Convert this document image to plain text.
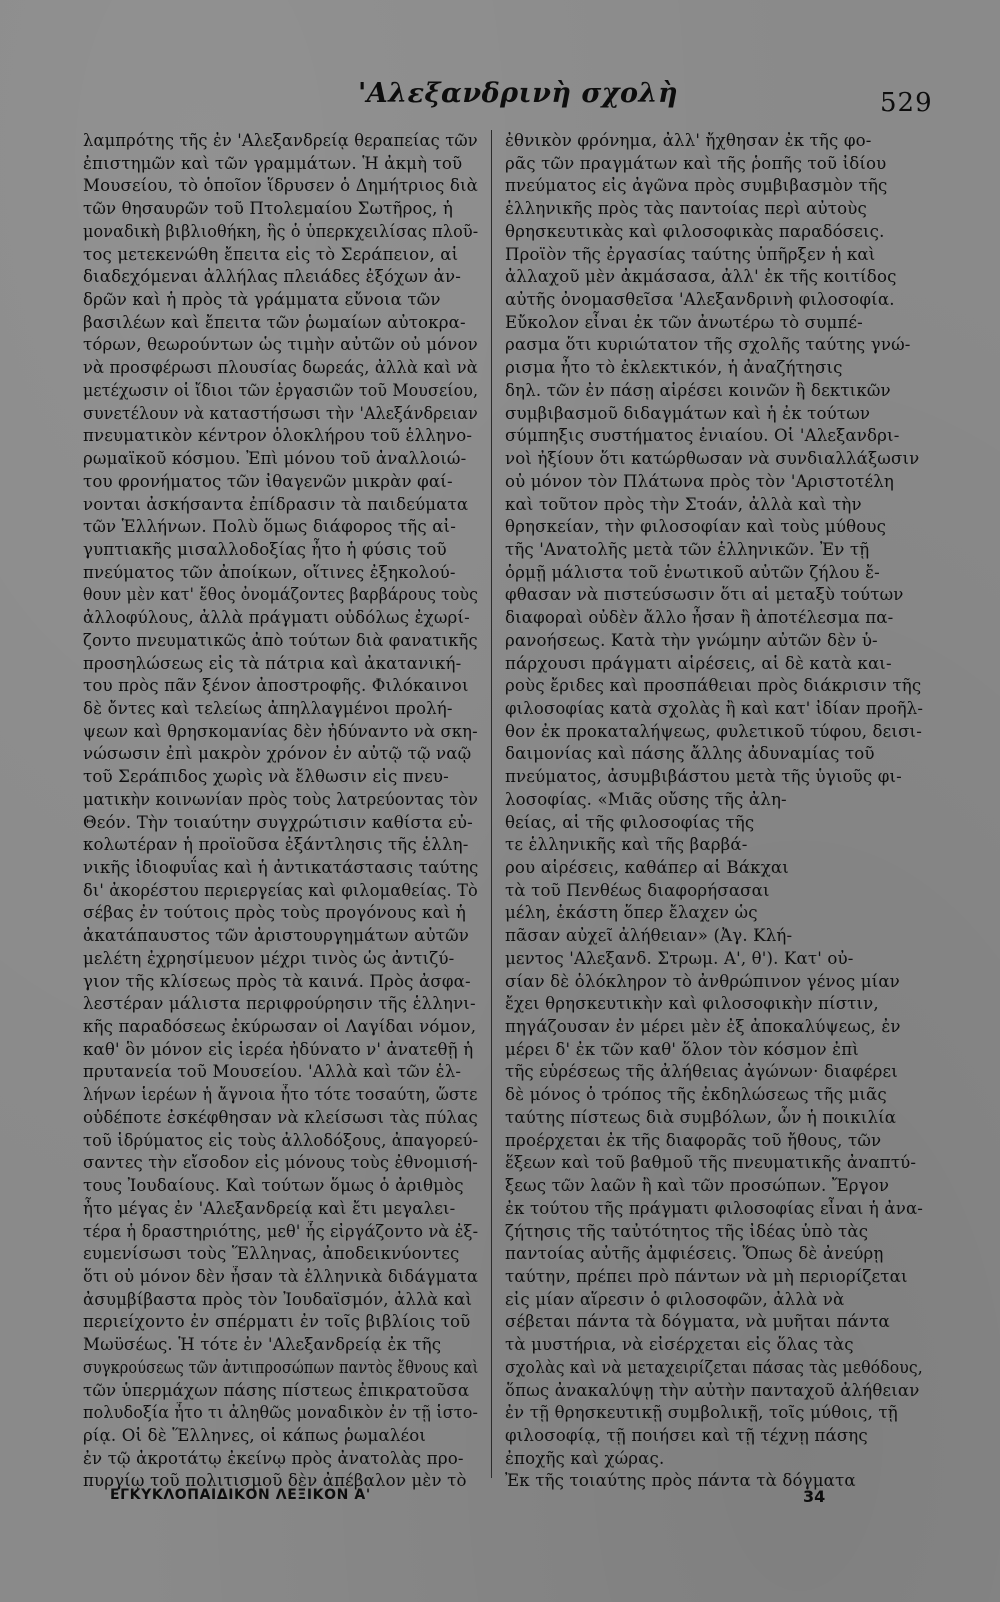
'Αλεξανδρινὴ σχολὴ	529
λαμπρότης τῆς ἐν 'Αλεξανδρείᾳ θεραπείας τῶν
ἐπιστημῶν καὶ τῶν γραμμάτων. Ἡ ἀκμὴ τοῦ
Μουσείου, τὸ ὁποῖον ἵδρυσεν ὁ Δημήτριος διὰ
τῶν θησαυρῶν τοῦ Πτολεμαίου Σωτῆρος, ἡ
μοναδικὴ βιβλιοθήκη, ἣς ὁ ὑπερκχειλίσας πλοῦ-
τος μετεκενώθη ἔπειτα εἰς τὸ Σεράπειον, αἱ
διαδεχόμεναι ἀλλήλας πλειάδες ἐξόχων ἀν-
δρῶν καὶ ἡ πρὸς τὰ γράμματα εὔνοια τῶν
βασιλέων καὶ ἔπειτα τῶν ῥωμαίων αὐτοκρα-
τόρων, θεωρούντων ὡς τιμὴν αὐτῶν οὐ μόνον
νὰ προσφέρωσι πλουσίας δωρεάς, ἀλλὰ καὶ νὰ
μετέχωσιν οἱ ἴδιοι τῶν ἐργασιῶν τοῦ Μουσείου,
συνετέλουν νὰ καταστήσωσι τὴν 'Αλεξάνδρειαν
πνευματικὸν κέντρον ὁλοκλήρου τοῦ ἑλληνο-
ρωμαϊκοῦ κόσμου. Ἐπὶ μόνου τοῦ ἀναλλοιώ-
του φρονήματος τῶν ἰθαγενῶν μικρὰν φαί-
νονται ἀσκήσαντα ἐπίδρασιν τὰ παιδεύματα
τῶν Ἑλλήνων. Πολὺ ὅμως διάφορος τῆς αἰ-
γυπτιακῆς μισαλλοδοξίας ἦτο ἡ φύσις τοῦ
πνεύματος τῶν ἀποίκων, οἵτινες ἐξηκολού-
θουν μὲν κατ' ἔθος ὀνομάζοντες βαρβάρους τοὺς
ἀλλοφύλους, ἀλλὰ πράγματι οὐδόλως ἐχωρί-
ζοντο πνευματικῶς ἀπὸ τούτων διὰ φανατικῆς
προσηλώσεως εἰς τὰ πάτρια καὶ ἀκατανική-
του πρὸς πᾶν ξένον ἀποστροφῆς. Φιλόκαινοι
δὲ ὄντες καὶ τελείως ἀπηλλαγμένοι προλή-
ψεων καὶ θρησκομανίας δὲν ἠδύναντο νὰ σκη-
νώσωσιν ἐπὶ μακρὸν χρόνον ἐν αὐτῷ τῷ ναῷ
τοῦ Σεράπιδος χωρὶς νὰ ἔλθωσιν εἰς πνευ-
ματικὴν κοινωνίαν πρὸς τοὺς λατρεύοντας τὸν
Θεόν. Τὴν τοιαύτην συγχρώτισιν καθίστα εὐ-
κολωτέραν ἡ προϊοῦσα ἐξάντλησις τῆς ἑλλη-
νικῆς ἰδιοφυΐας καὶ ἡ ἀντικατάστασις ταύτης
δι' ἀκορέστου περιεργείας καὶ φιλομαθείας. Τὸ
σέβας ἐν τούτοις πρὸς τοὺς προγόνους καὶ ἡ
ἀκατάπαυστος τῶν ἀριστουργημάτων αὐτῶν
μελέτη ἐχρησίμευον μέχρι τινὸς ὡς ἀντιζύ-
γιον τῆς κλίσεως πρὸς τὰ καινά. Πρὸς ἀσφα-
λεστέραν μάλιστα περιφρούρησιν τῆς ἑλληνι-
κῆς παραδόσεως ἐκύρωσαν οἱ Λαγίδαι νόμον,
καθ' ὃν μόνον εἰς ἱερέα ἠδύνατο ν' ἀνατεθῇ ἡ
πρυτανεία τοῦ Μουσείου. 'Αλλὰ καὶ τῶν ἑλ-
λήνων ἱερέων ἡ ἄγνοια ἦτο τότε τοσαύτη, ὥστε
οὐδέποτε ἐσκέφθησαν νὰ κλείσωσι τὰς πύλας
τοῦ ἱδρύματος εἰς τοὺς ἀλλοδόξους, ἀπαγορεύ-
σαντες τὴν εἴσοδον εἰς μόνους τοὺς ἐθνομισή-
τους Ἰουδαίους. Καὶ τούτων ὅμως ὁ ἀριθμὸς
ἦτο μέγας ἐν 'Αλεξανδρείᾳ καὶ ἔτι μεγαλει-
τέρα ἡ δραστηριότης, μεθ' ἧς εἰργάζοντο νὰ ἐξ-
ευμενίσωσι τοὺς Ἕλληνας, ἀποδεικνύοντες
ὅτι οὐ μόνον δὲν ἦσαν τὰ ἑλληνικὰ διδάγματα
ἀσυμβίβαστα πρὸς τὸν Ἰουδαϊσμόν, ἀλλὰ καὶ
περιείχοντο ἐν σπέρματι ἐν τοῖς βιβλίοις τοῦ
Μωϋσέως. Ἡ τότε ἐν 'Αλεξανδρείᾳ ἐκ τῆς
συγκρούσεως τῶν ἀντιπροσώπων παντὸς ἔθνους καὶ
τῶν ὑπερμάχων πάσης πίστεως ἐπικρατοῦσα
πολυδοξία ἦτο τι ἀληθῶς μοναδικὸν ἐν τῇ ἱστο-
ρίᾳ. Οἱ δὲ Ἕλληνες, οἱ κάπως ῥωμαλέοι
ἐν τῷ ἀκροτάτῳ ἐκείνῳ πρὸς ἀνατολὰς προ-
πυργίῳ τοῦ πολιτισμοῦ δὲν ἀπέβαλον μὲν τὸ
ἐθνικὸν φρόνημα, ἀλλ' ἤχθησαν ἐκ τῆς φο-
ρᾶς τῶν πραγμάτων καὶ τῆς ῥοπῆς τοῦ ἰδίου
πνεύματος εἰς ἀγῶνα πρὸς συμβιβασμὸν τῆς
ἑλληνικῆς πρὸς τὰς παντοίας περὶ αὐτοὺς
θρησκευτικὰς καὶ φιλοσοφικὰς παραδόσεις.
Προϊὸν τῆς ἐργασίας ταύτης ὑπῆρξεν ἡ καὶ
ἀλλαχοῦ μὲν ἀκμάσασα, ἀλλ' ἐκ τῆς κοιτίδος
αὐτῆς ὀνομασθεῖσα 'Αλεξανδρινὴ φιλοσοφία.
Εὔκολον εἶναι ἐκ τῶν ἀνωτέρω τὸ συμπέ-
ρασμα ὅτι κυριώτατον τῆς σχολῆς ταύτης γνώ-
ρισμα ἦτο τὸ ἐκλεκτικόν, ἡ ἀναζήτησις
δηλ. τῶν ἐν πάσῃ αἱρέσει κοινῶν ἢ δεκτικῶν
συμβιβασμοῦ διδαγμάτων καὶ ἡ ἐκ τούτων
σύμπηξις συστήματος ἑνιαίου. Οἱ 'Αλεξανδρι-
νοὶ ἠξίουν ὅτι κατώρθωσαν νὰ συνδιαλλάξωσιν
οὐ μόνον τὸν Πλάτωνα πρὸς τὸν 'Αριστοτέλη
καὶ τοῦτον πρὸς τὴν Στοάν, ἀλλὰ καὶ τὴν
θρησκείαν, τὴν φιλοσοφίαν καὶ τοὺς μύθους
τῆς 'Ανατολῆς μετὰ τῶν ἑλληνικῶν. Ἐν τῇ
ὁρμῇ μάλιστα τοῦ ἑνωτικοῦ αὐτῶν ζήλου ἔ-
φθασαν νὰ πιστεύσωσιν ὅτι αἱ μεταξὺ τούτων
διαφοραὶ οὐδὲν ἄλλο ἦσαν ἢ ἀποτέλεσμα πα-
ρανοήσεως. Κατὰ τὴν γνώμην αὐτῶν δὲν ὑ-
πάρχουσι πράγματι αἱρέσεις, αἱ δὲ κατὰ και-
ροὺς ἔριδες καὶ προσπάθειαι πρὸς διάκρισιν τῆς
φιλοσοφίας κατὰ σχολὰς ἢ καὶ κατ' ἰδίαν προῆλ-
θον ἐκ προκαταλήψεως, φυλετικοῦ τύφου, δεισι-
δαιμονίας καὶ πάσης ἄλλης ἀδυναμίας τοῦ
πνεύματος, ἀσυμβιβάστου μετὰ τῆς ὑγιοῦς φι-
λοσοφίας. «Μιᾶς οὔσης τῆς ἀλη-
θείας, αἱ τῆς φιλοσοφίας τῆς
τε ἑλληνικῆς καὶ τῆς βαρβά-
ρου αἱρέσεις, καθάπερ αἱ Βάκχαι
τὰ τοῦ Πενθέως διαφορήσασαι
μέλη, ἑκάστη ὅπερ ἔλαχεν ὡς
πᾶσαν αὐχεῖ ἀλήθειαν» (Ἀγ. Κλή-
μεντος 'Αλεξανδ. Στρωμ. Α', θ'). Κατ' οὐ-
σίαν δὲ ὁλόκληρον τὸ ἀνθρώπινον γένος μίαν
ἔχει θρησκευτικὴν καὶ φιλοσοφικὴν πίστιν,
πηγάζουσαν ἐν μέρει μὲν ἐξ ἀποκαλύψεως, ἐν
μέρει δ' ἐκ τῶν καθ' ὅλον τὸν κόσμον ἐπὶ
τῆς εὑρέσεως τῆς ἀλήθειας ἀγώνων· διαφέρει
δὲ μόνος ὁ τρόπος τῆς ἐκδηλώσεως τῆς μιᾶς
ταύτης πίστεως διὰ συμβόλων, ὧν ἡ ποικιλία
προέρχεται ἐκ τῆς διαφορᾶς τοῦ ἤθους, τῶν
ἕξεων καὶ τοῦ βαθμοῦ τῆς πνευματικῆς ἀναπτύ-
ξεως τῶν λαῶν ἢ καὶ τῶν προσώπων. Ἔργον
ἐκ τούτου τῆς πράγματι φιλοσοφίας εἶναι ἡ ἀνα-
ζήτησις τῆς ταὐτότητος τῆς ἰδέας ὑπὸ τὰς
παντοίας αὐτῆς ἀμφιέσεις. Ὅπως δὲ ἀνεύρῃ
ταύτην, πρέπει πρὸ πάντων νὰ μὴ περιορίζεται
εἰς μίαν αἵρεσιν ὁ φιλοσοφῶν, ἀλλὰ νὰ
σέβεται πάντα τὰ δόγματα, νὰ μυῆται πάντα
τὰ μυστήρια, νὰ εἰσέρχεται εἰς ὅλας τὰς
σχολὰς καὶ νὰ μεταχειρίζεται πάσας τὰς μεθόδους,
ὅπως ἀνακαλύψῃ τὴν αὐτὴν πανταχοῦ ἀλήθειαν
ἐν τῇ θρησκευτικῇ συμβολικῇ, τοῖς μύθοις, τῇ
φιλοσοφίᾳ, τῇ ποιήσει καὶ τῇ τέχνῃ πάσης
ἐποχῆς καὶ χώρας.
Ἐκ τῆς τοιαύτης πρὸς πάντα τὰ δόγματα
ΕΓΚΥΚΛΟΠΑΙΔΙΚΟΝ ΛΕΞΙΚΟΝ Α'	34
